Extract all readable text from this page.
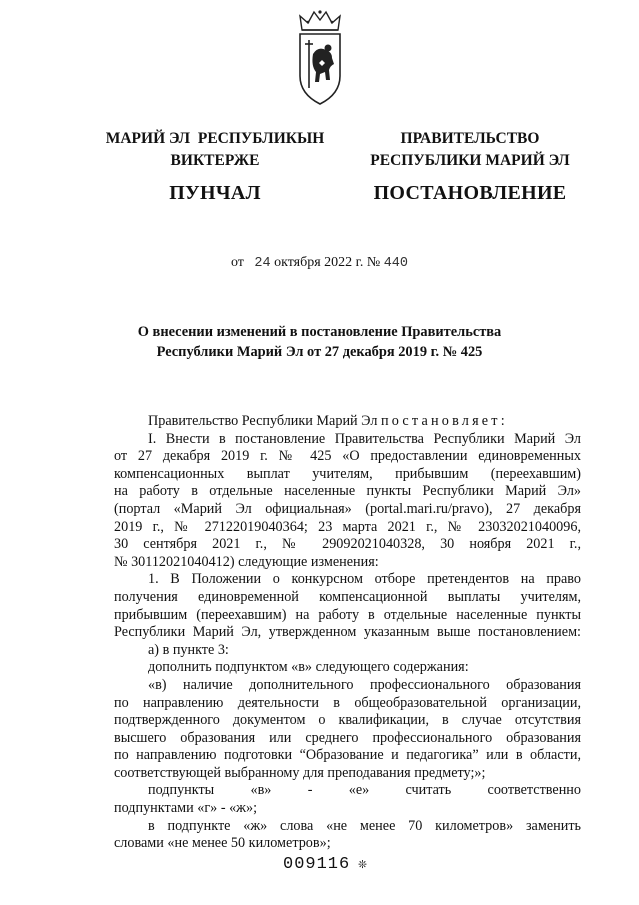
МАРИЙ ЭЛ  РЕСПУБЛИКЫН
ВИКТЕРЖЕ
ПУНЧАЛ
ПРАВИТЕЛЬСТВО
РЕСПУБЛИКИ МАРИЙ ЭЛ
ПОСТАНОВЛЕНИЕ
от 24 октября 2022 г. № 440
О внесении изменений в постановление Правительства
Республики Марий Эл от 27 декабря 2019 г. № 425

Правительство Республики Марий Эл постановляет:

I. Внести в постановление Правительства Республики Марий Эл

от 27 декабря 2019 г. № 425 «О предоставлении единовременных

компенсационных выплат учителям, прибывшим (переехавшим)

на работу в отдельные населенные пункты Республики Марий Эл»

(портал «Марий Эл официальная» (portal.mari.ru/pravo), 27 декабря

2019 г., № 27122019040364; 23 марта 2021 г., № 23032021040096,

30 сентября 2021 г., № 29092021040328, 30 ноября 2021 г.,

№ 30112021040412) следующие изменения:

1. В Положении о конкурсном отборе претендентов на право

получения единовременной компенсационной выплаты учителям,

прибывшим (переехавшим) на работу в отдельные населенные пункты

Республики Марий Эл, утвержденном указанным выше постановлением:

а) в пункте 3:

дополнить подпунктом «в» следующего содержания:

«в) наличие дополнительного профессионального образования

по направлению деятельности в общеобразовательной организации,

подтвержденного документом о квалификации, в случае отсутствия

высшего образования или среднего профессионального образования

по направлению подготовки “Образование и педагогика” или в области,

соответствующей выбранному для преподавания предмету;»;

подпункты «в» - «е» считать соответственно

подпунктами «г» - «ж»;

в подпункте «ж» слова «не менее 70 километров» заменить

словами «не менее 50 километров»;

009116 ❊
